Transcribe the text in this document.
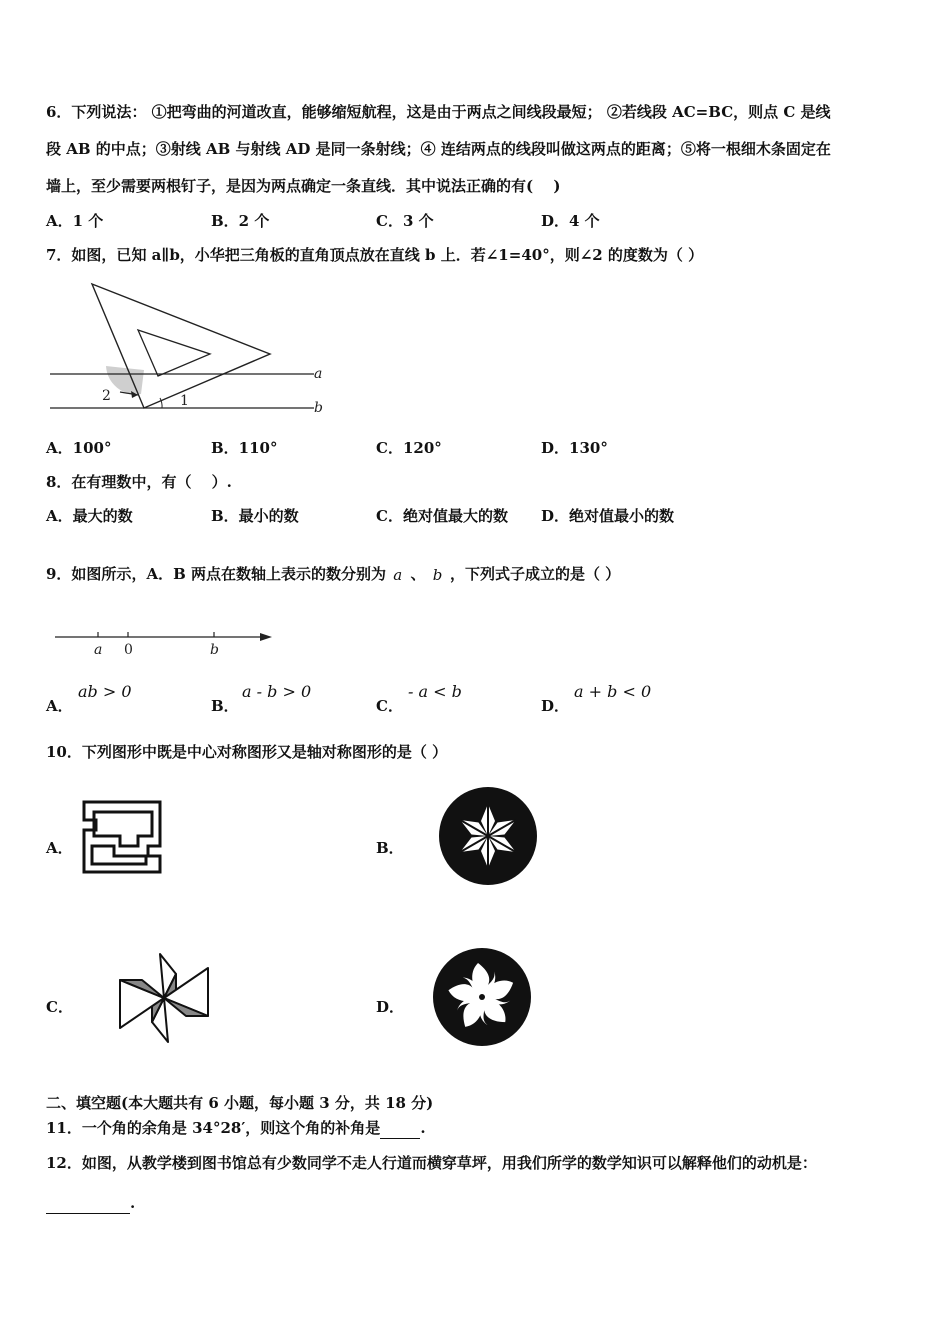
6．下列说法： ①把弯曲的河道改直，能够缩短航程，这是由于两点之间线段最短； ②若线段 AC=BC，则点 C 是线
段 AB 的中点；③射线 AB 与射线 AD 是同一条射线；④ 连结两点的线段叫做这两点的距离；⑤将一根细木条固定在
墙上，至少需要两根钉子，是因为两点确定一条直线．其中说法正确的有(　 )
A．1 个	B．2 个	C．3 个	D．4 个
7．如图，已知 a∥b，小华把三角板的直角顶点放在直线 b 上．若∠1=40°，则∠2 的度数为（ ）
a
b
1
2
A．100°	B．110°	C．120°	D．130°
8．在有理数中，有（　 ）.
A．最大的数	B．最小的数	C．绝对值最大的数 D．绝对值最小的数
9．如图所示，A．B 两点在数轴上表示的数分别为 a 、 b ，下列式子成立的是（ ）
a 0	b
A．
ab > 0
B．
a - b > 0
C．
- a < b
D．
a + b < 0
10．下列图形中既是中心对称图形又是轴对称图形的是（ ）
A．	B．
C．	D．
二、填空题(本大题共有 6 小题，每小题 3 分，共 18 分)
11．一个角的余角是 34°28′，则这个角的补角是	.
12．如图，从教学楼到图书馆总有少数同学不走人行道而横穿草坪，用我们所学的数学知识可以解释他们的动机是：
.
